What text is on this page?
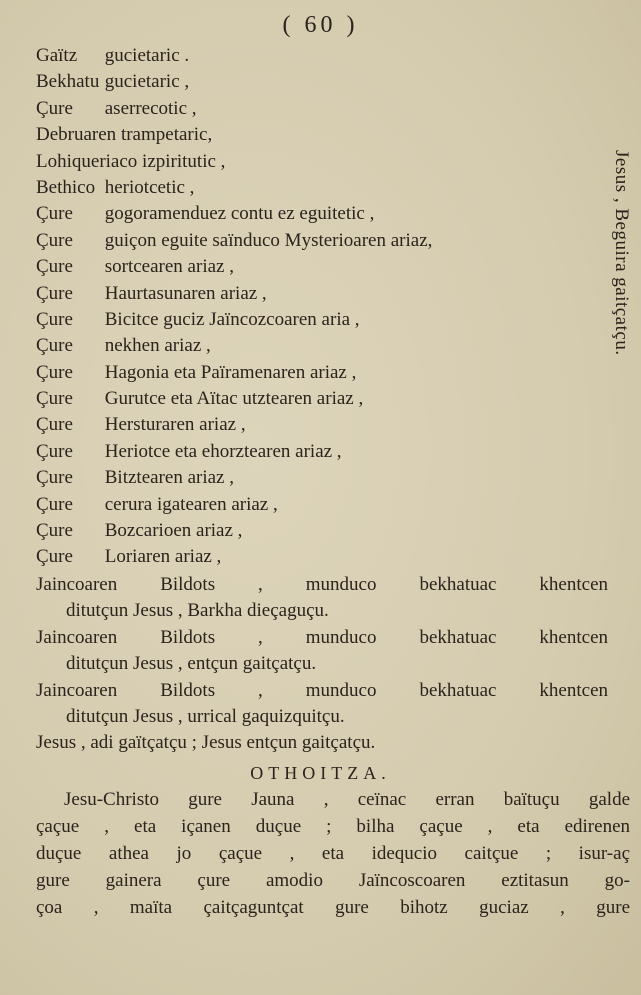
( 60 )
Jesus , Beguira gaitçatçu.
Gaïtz gucietaric .
Bekhatu gucietaric ,
Çure aserrecotic ,
Debruaren trampetaric,
Lohiqueriaco izpiritutic ,
Bethico heriotcetic ,
Çure gogoramenduez contu ez eguitetic ,
Çure guiçon eguite saïnduco Mysterioaren ariaz,
Çure sortcearen ariaz ,
Çure Haurtasunaren ariaz ,
Çure Bicitce guciz Jaïncozcoaren aria ,
Çure nekhen ariaz ,
Çure Hagonia eta Païramenaren ariaz ,
Çure Gurutce eta Aïtac utztearen ariaz ,
Çure Hersturaren ariaz ,
Çure Heriotce eta ehorztearen ariaz ,
Çure Bitztearen ariaz ,
Çure cerura igatearen ariaz ,
Çure Bozcarioen ariaz ,
Çure Loriaren ariaz ,
Jaincoaren Bildots , munduco bekhatuac khentcen
ditutçun Jesus , Barkha dieçaguçu.
Jaincoaren Bildots , munduco bekhatuac khentcen
ditutçun Jesus , entçun gaitçatçu.
Jaincoaren Bildots , munduco bekhatuac khentcen
ditutçun Jesus , urrical gaquizquitçu.
Jesus , adi gaïtçatçu ; Jesus entçun gaitçatçu.
OTHOITZA.
Jesu-Christo gure Jauna , ceïnac erran baïtuçu galde
çaçue , eta içanen duçue ; bilha çaçue , eta edirenen
duçue athea jo çaçue , eta idequcio caitçue ; isur-aç
gure gainera çure amodio Jaïncoscoaren eztitasun go-
çoa , maïta çaitçaguntçat gure bihotz guciaz , gure
